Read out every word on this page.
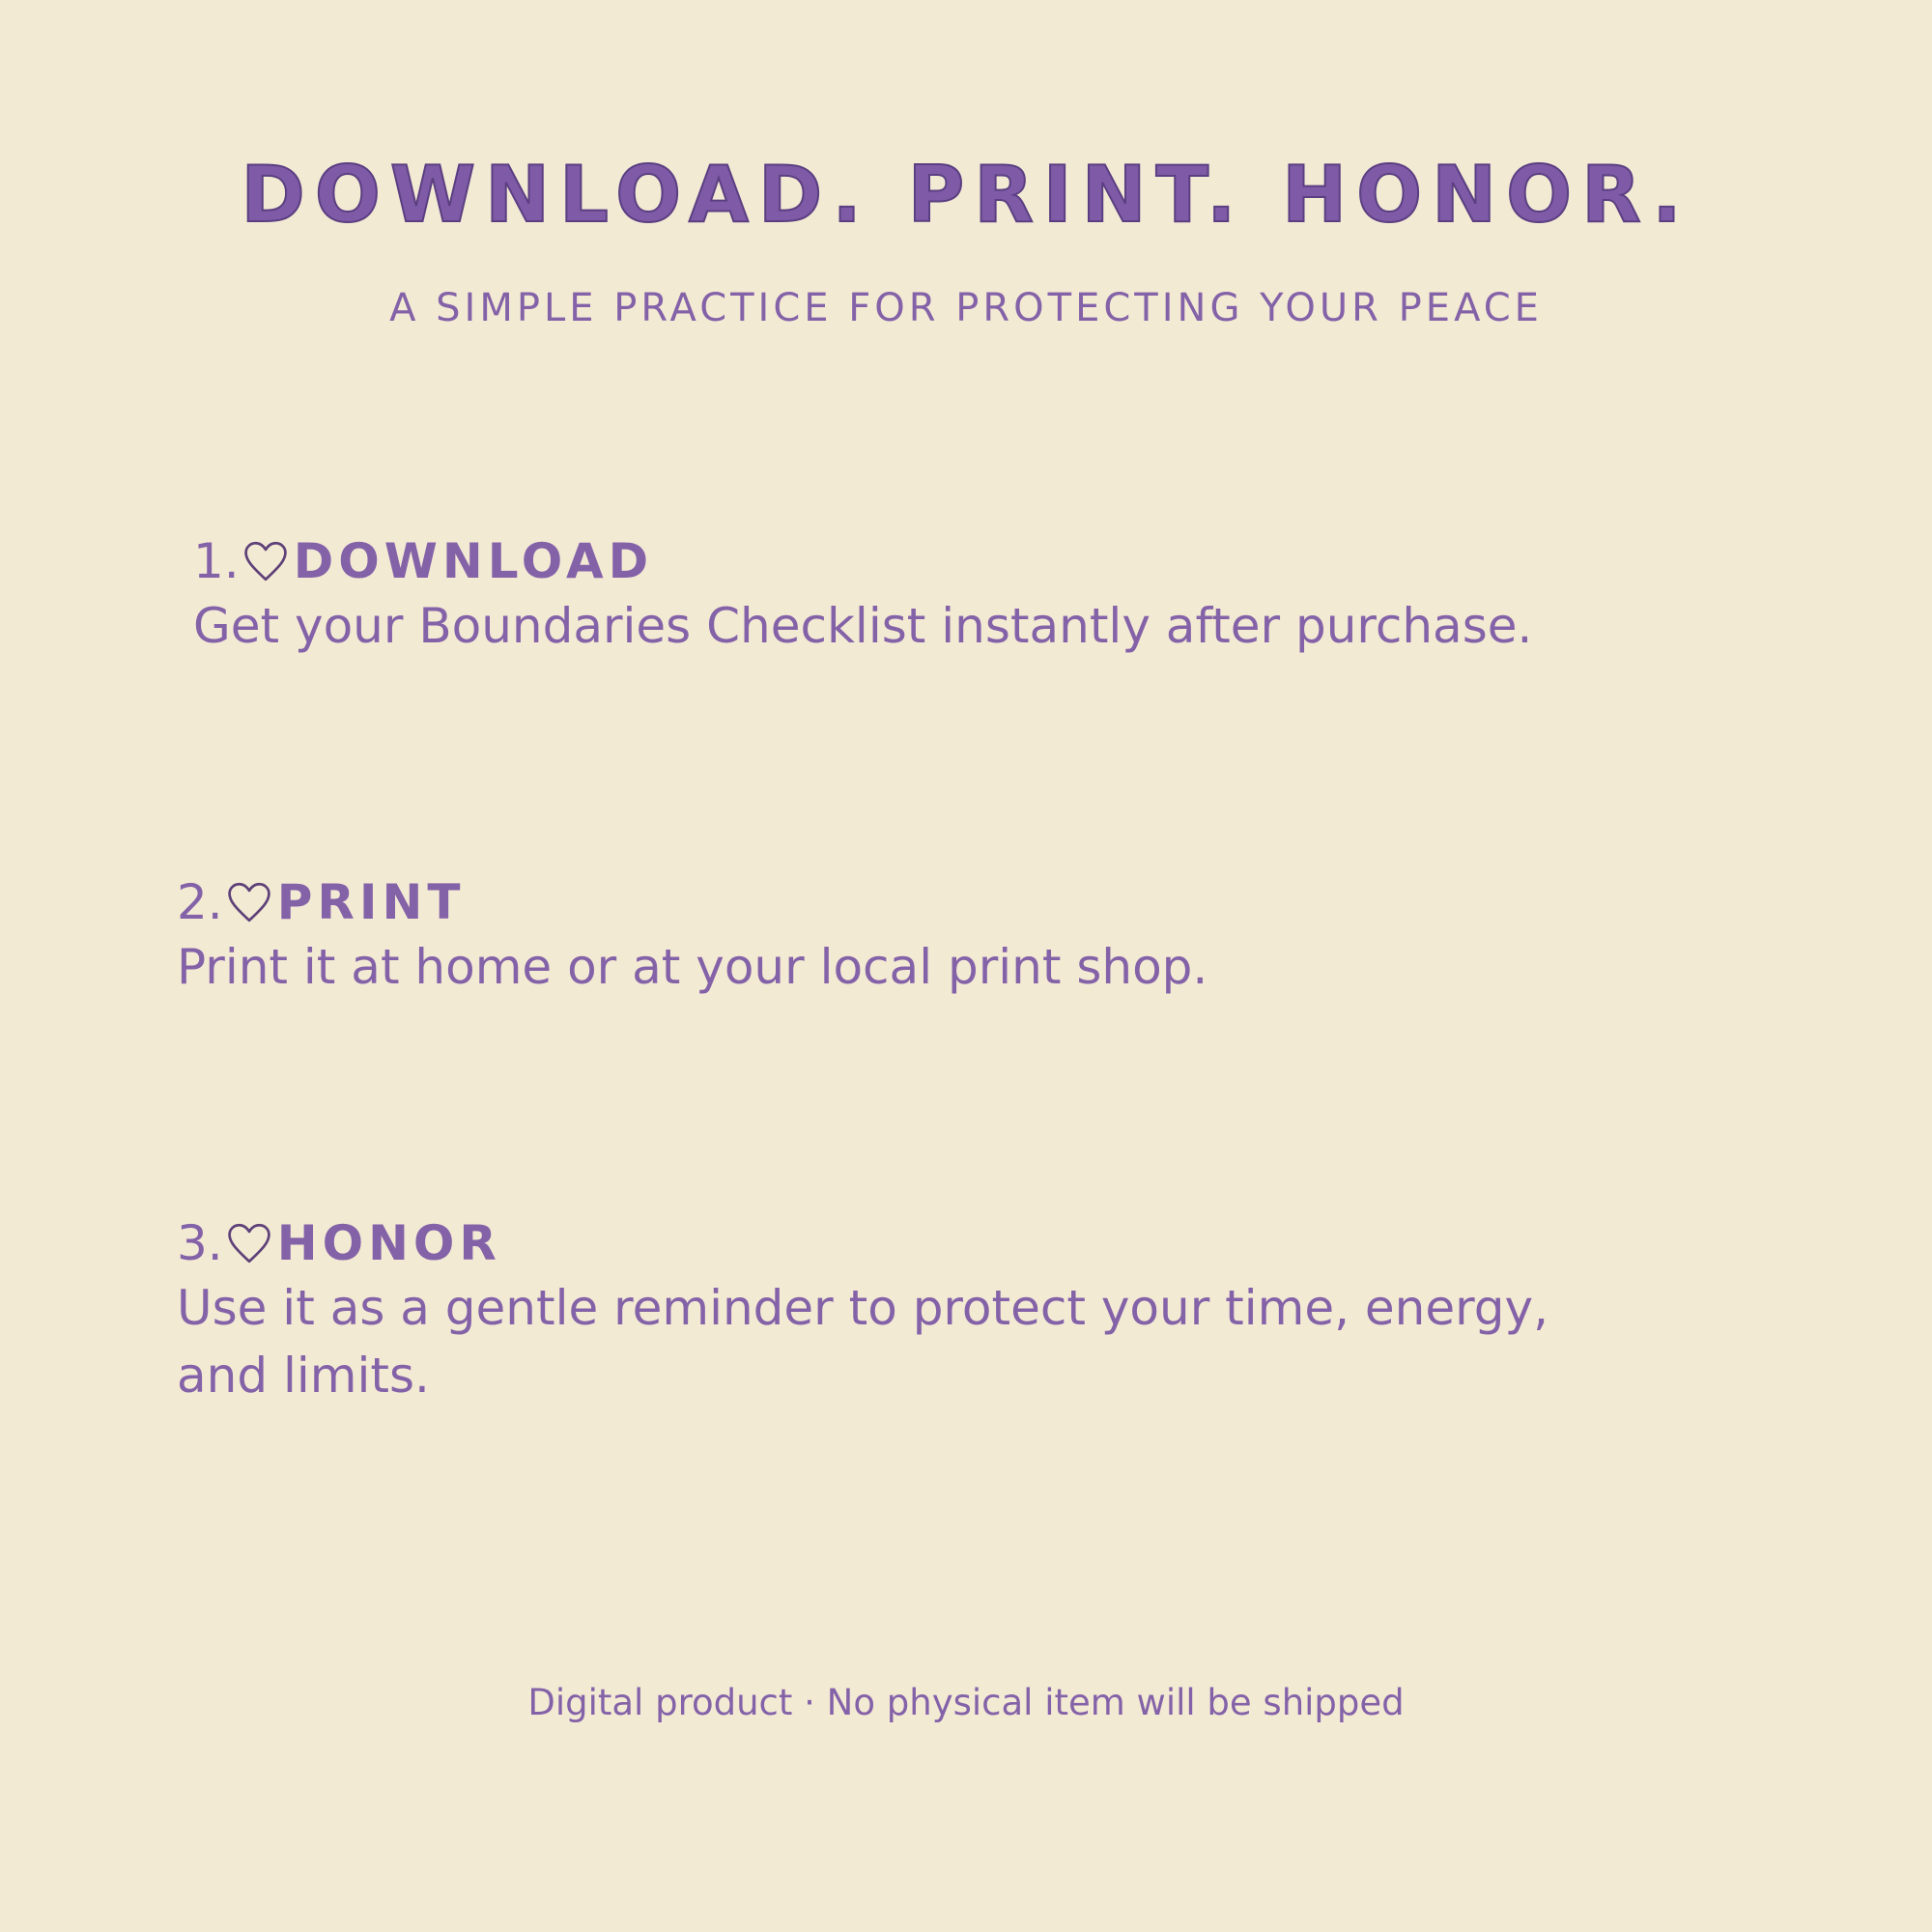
DOWNLOAD. PRINT. HONOR.
A SIMPLE PRACTICE FOR PROTECTING YOUR PEACE
1. DOWNLOAD
Get your Boundaries Checklist instantly after purchase.
2. PRINT
Print it at home or at your local print shop.
3. HONOR
Use it as a gentle reminder to protect your time, energy, and limits.
Digital product · No physical item will be shipped
